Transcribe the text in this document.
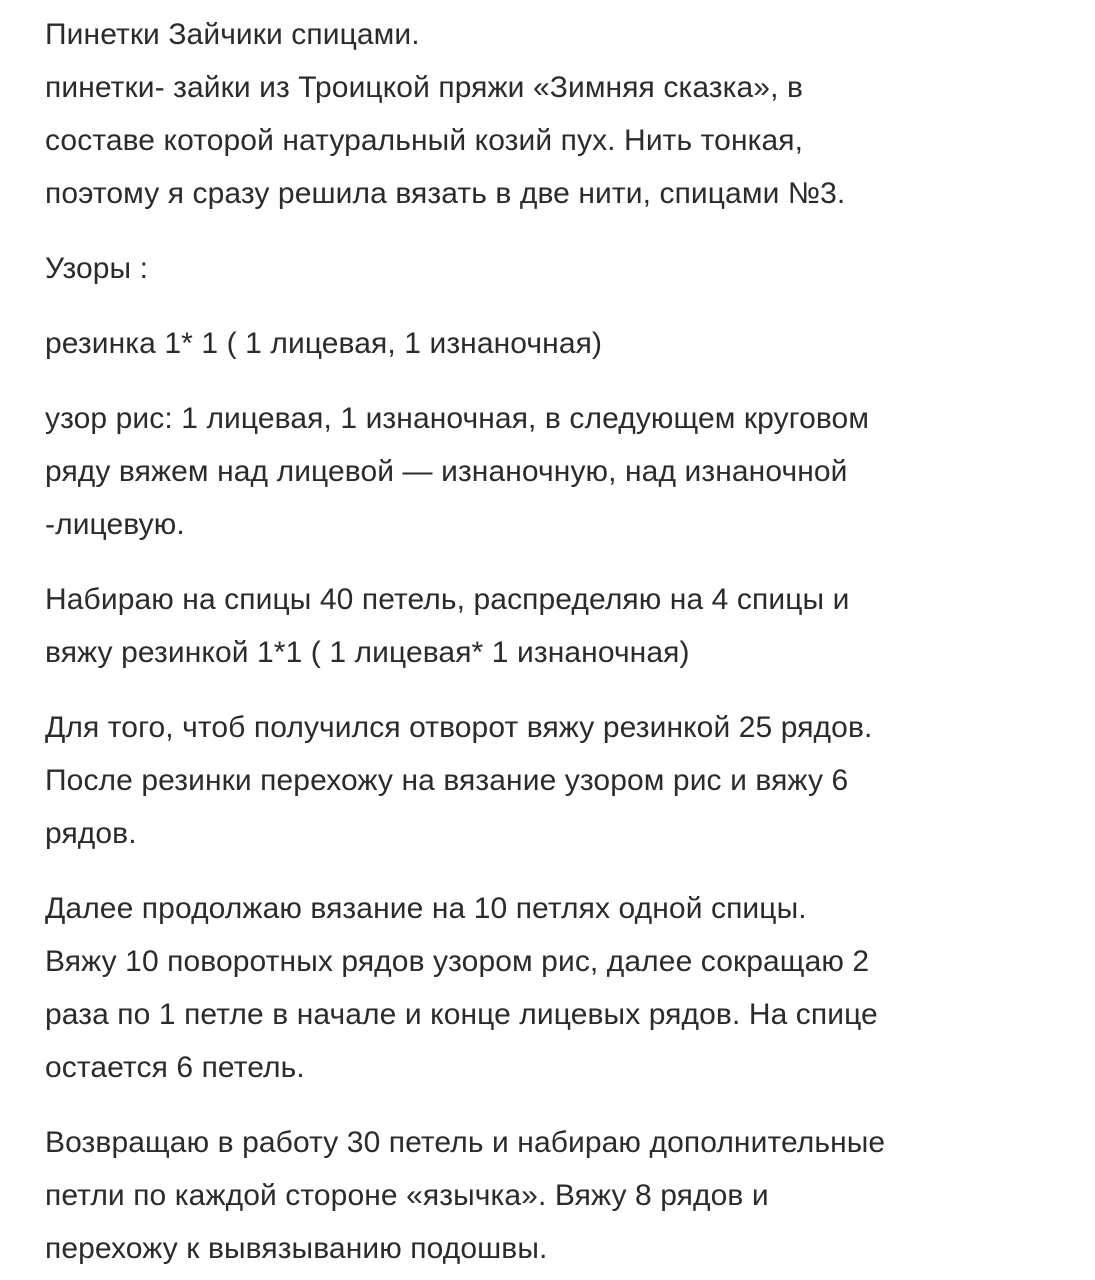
Пинетки Зайчики спицами.
пинетки- зайки из Троицкой пряжи «Зимняя сказка», в
составе которой натуральный козий пух. Нить тонкая,
поэтому я сразу решила вязать в две нити, спицами №3.

Узоры :

резинка 1* 1 ( 1 лицевая, 1 изнаночная)

узор рис: 1 лицевая, 1 изнаночная, в следующем круговом
ряду вяжем над лицевой — изнаночную, над изнаночной
-лицевую.

Набираю на спицы 40 петель, распределяю на 4 спицы и
вяжу резинкой 1*1 ( 1 лицевая* 1 изнаночная)

Для того, чтоб получился отворот вяжу резинкой 25 рядов.
После резинки перехожу на вязание узором рис и вяжу 6
рядов.

Далее продолжаю вязание на 10 петлях одной спицы.
Вяжу 10 поворотных рядов узором рис, далее сокращаю 2
раза по 1 петле в начале и конце лицевых рядов. На спице
остается 6 петель.

Возвращаю в работу 30 петель и набираю дополнительные
петли по каждой стороне «язычка». Вяжу 8 рядов и
перехожу к вывязыванию подошвы.
